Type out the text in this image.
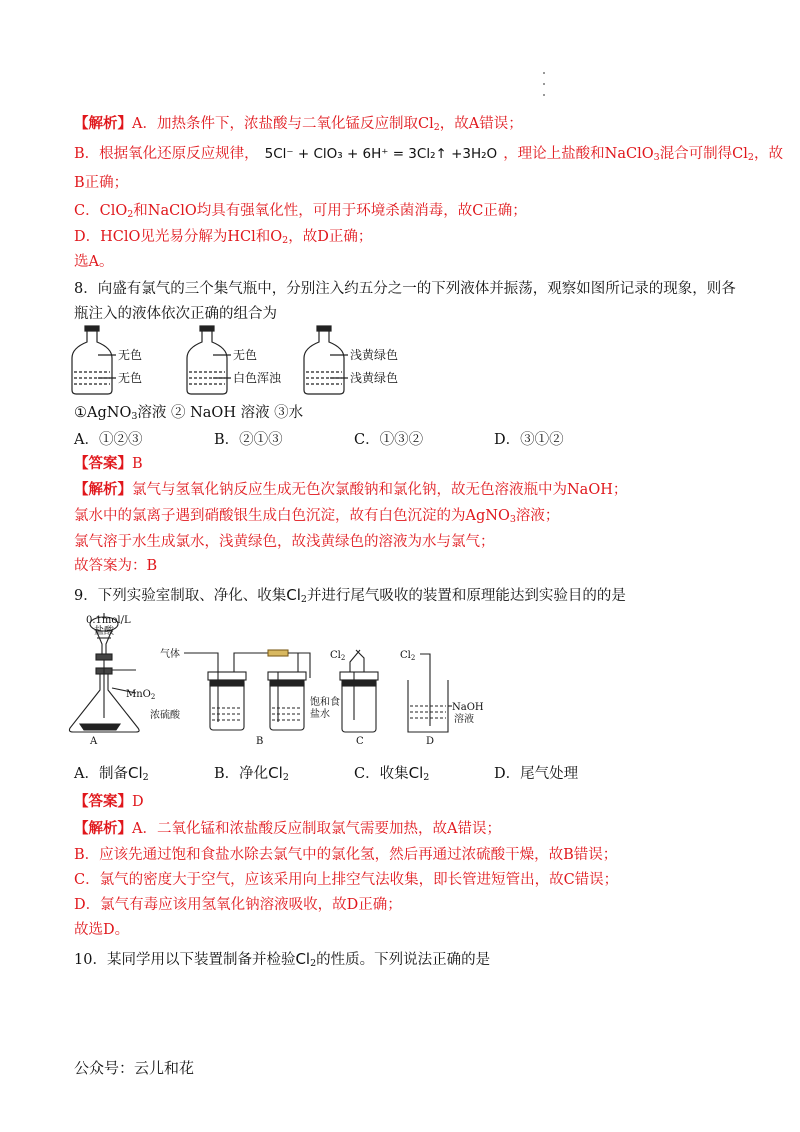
【解析】A．加热条件下，浓盐酸与二氧化锰反应制取$Cl_2$，故A错误；
B．根据氧化还原反应规律， 5Cl⁻ + ClO₃ + 6H⁺ = 3Cl₂↑ +3H₂O ，理论上盐酸和NaClO$_3$混合可制得$Cl_2$，故
B正确；
C．ClO$_2$和NaClO均具有强氧化性，可用于环境杀菌消毒，故C正确；
D．HClO见光易分解为HCl和$O_2$，故D正确；
选A。
8．向盛有氯气的三个集气瓶中，分别注入约五分之一的下列液体并振荡，观察如图所记录的现象，则各
瓶注入的液体依次正确的组合为
无色
无色
无色
白色浑浊
浅黄绿色
浅黄绿色
①AgNO$_3$溶液 ② NaOH 溶液 ③水
A．①②③	B．②①③	C．①③②	D．③①②
【答案】B
【解析】氯气与氢氧化钠反应生成无色次氯酸钠和氯化钠，故无色溶液瓶中为NaOH；
氯水中的氯离子遇到硝酸银生成白色沉淀，故有白色沉淀的为AgNO$_3$溶液；
氯气溶于水生成氯水，浅黄绿色，故浅黄绿色的溶液为水与氯气；
故答案为：B
9．下列实验室制取、净化、收集$Cl_2$并进行尾气吸收的装置和原理能达到实验目的的是
0.1mol/L
盐酸
MnO$_2$
A
气体
浓硫酸
饱和食
盐水
B
$Cl_2$
C
$Cl_2$
NaOH
溶液
D
A．制备$Cl_2$	B．净化$Cl_2$	C．收集$Cl_2$	D．尾气处理
【答案】D
【解析】A．二氧化锰和浓盐酸反应制取氯气需要加热，故A错误；
B．应该先通过饱和食盐水除去氯气中的氯化氢，然后再通过浓硫酸干燥，故B错误；
C．氯气的密度大于空气，应该采用向上排空气法收集，即长管进短管出，故C错误；
D．氯气有毒应该用氢氧化钠溶液吸收，故D正确；
故选D。
10．某同学用以下装置制备并检验$Cl_2$的性质。下列说法正确的是
公众号：云儿和花
